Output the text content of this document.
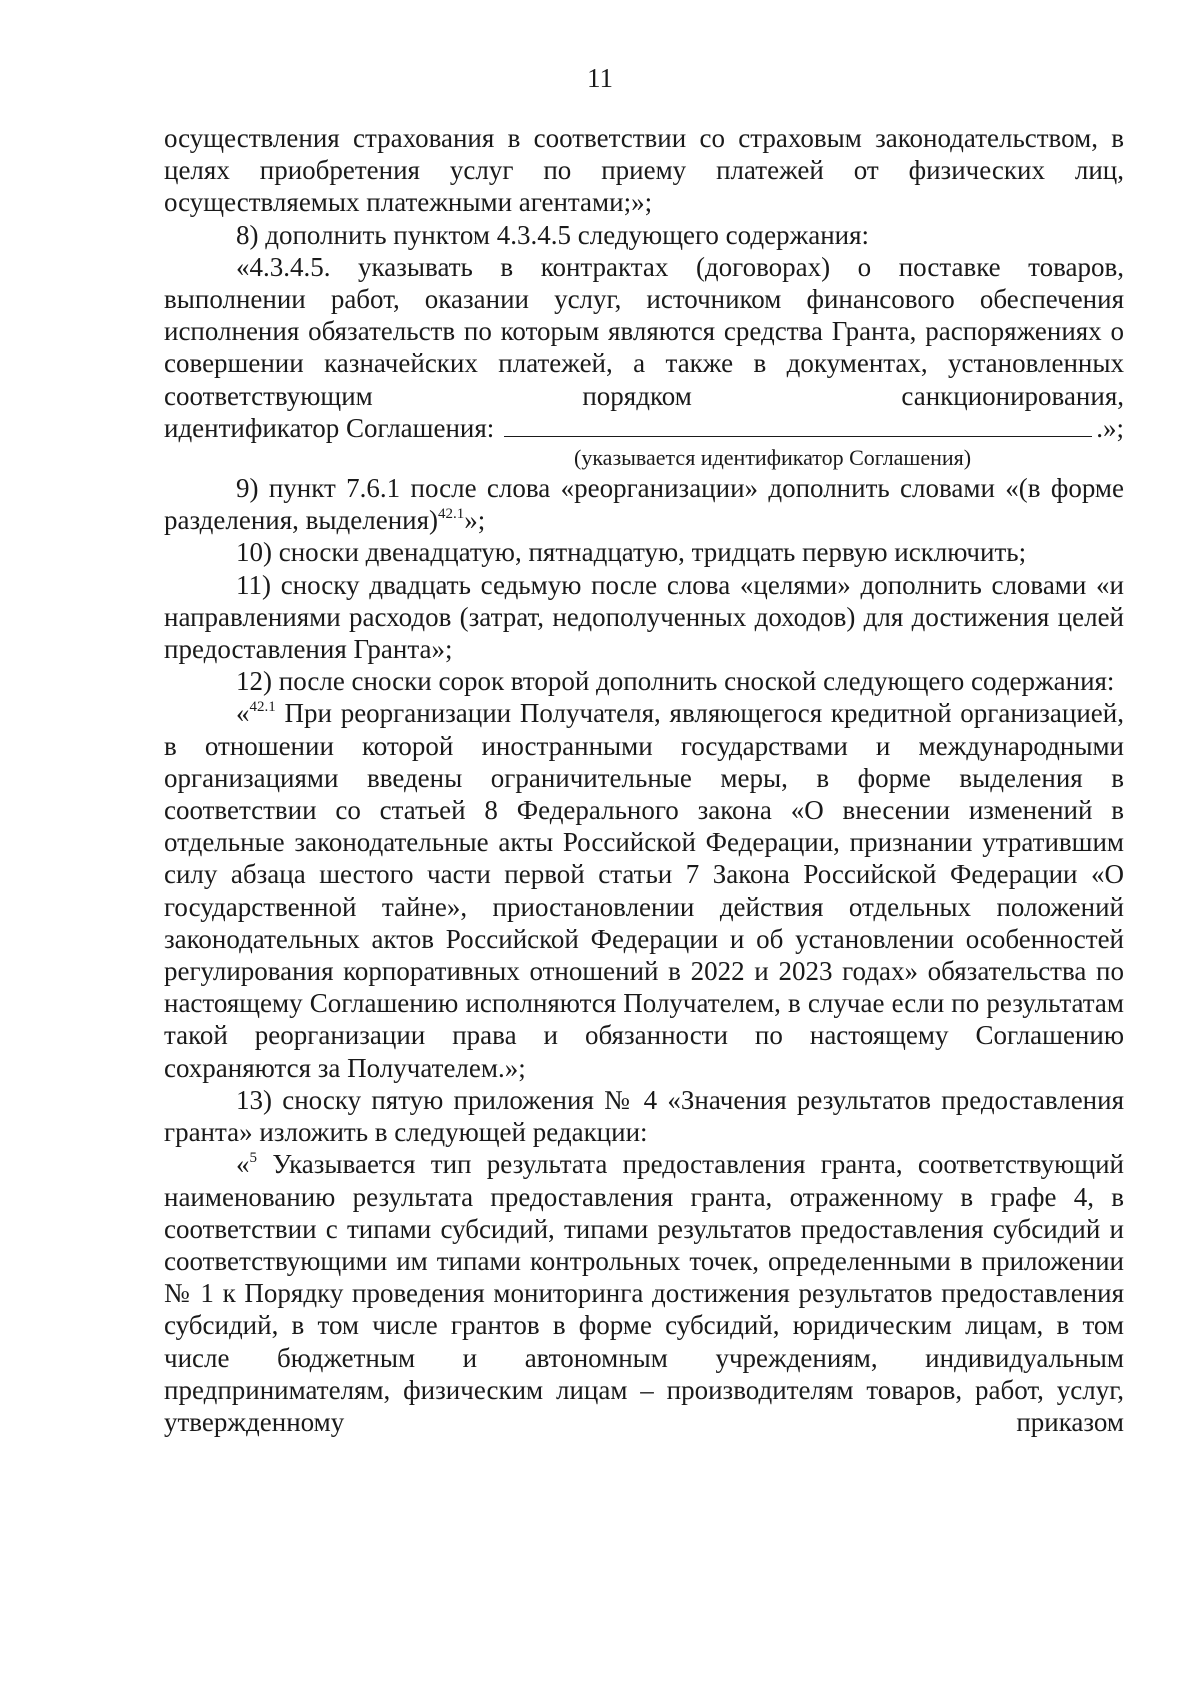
11

осуществления страхования в соответствии со страховым законодательством, в целях приобретения услуг по приему платежей от физических лиц, осуществляемых платежными агентами;»;

8) дополнить пунктом 4.3.4.5 следующего содержания:

«4.3.4.5. указывать в контрактах (договорах) о поставке товаров, выполнении работ, оказании услуг, источником финансового обеспечения исполнения обязательств по которым являются средства Гранта, распоряжениях о совершении казначейских платежей, а также в документах, установленных соответствующим порядком санкционирования,

идентификатор Соглашения:	.»;

(указывается идентификатор Соглашения)

9) пункт 7.6.1 после слова «реорганизации» дополнить словами «(в форме разделения, выделения)$^{42.1}$»;

10) сноски двенадцатую, пятнадцатую, тридцать первую исключить;

11) сноску двадцать седьмую после слова «целями» дополнить словами «и направлениями расходов (затрат, недополученных доходов) для достижения целей предоставления Гранта»;

12) после сноски сорок второй дополнить сноской следующего содержания:

«$^{42.1}$ При реорганизации Получателя, являющегося кредитной организацией, в отношении которой иностранными государствами и международными организациями введены ограничительные меры, в форме выделения в соответствии со статьей 8 Федерального закона «О внесении изменений в отдельные законодательные акты Российской Федерации, признании утратившим силу абзаца шестого части первой статьи 7 Закона Российской Федерации «О государственной тайне», приостановлении действия отдельных положений законодательных актов Российской Федерации и об установлении особенностей регулирования корпоративных отношений в 2022 и 2023 годах» обязательства по настоящему Соглашению исполняются Получателем, в случае если по результатам такой реорганизации права и обязанности по настоящему Соглашению сохраняются за Получателем.»;

13) сноску пятую приложения № 4 «Значения результатов предоставления гранта» изложить в следующей редакции:

«$^5$ Указывается тип результата предоставления гранта, соответствующий наименованию результата предоставления гранта, отраженному в графе 4, в соответствии с типами субсидий, типами результатов предоставления субсидий и соответствующими им типами контрольных точек, определенными в приложении № 1 к Порядку проведения мониторинга достижения результатов предоставления субсидий, в том числе грантов в форме субсидий, юридическим лицам, в том числе бюджетным и автономным учреждениям, индивидуальным предпринимателям, физическим лицам – производителям товаров, работ, услуг, утвержденному приказом
